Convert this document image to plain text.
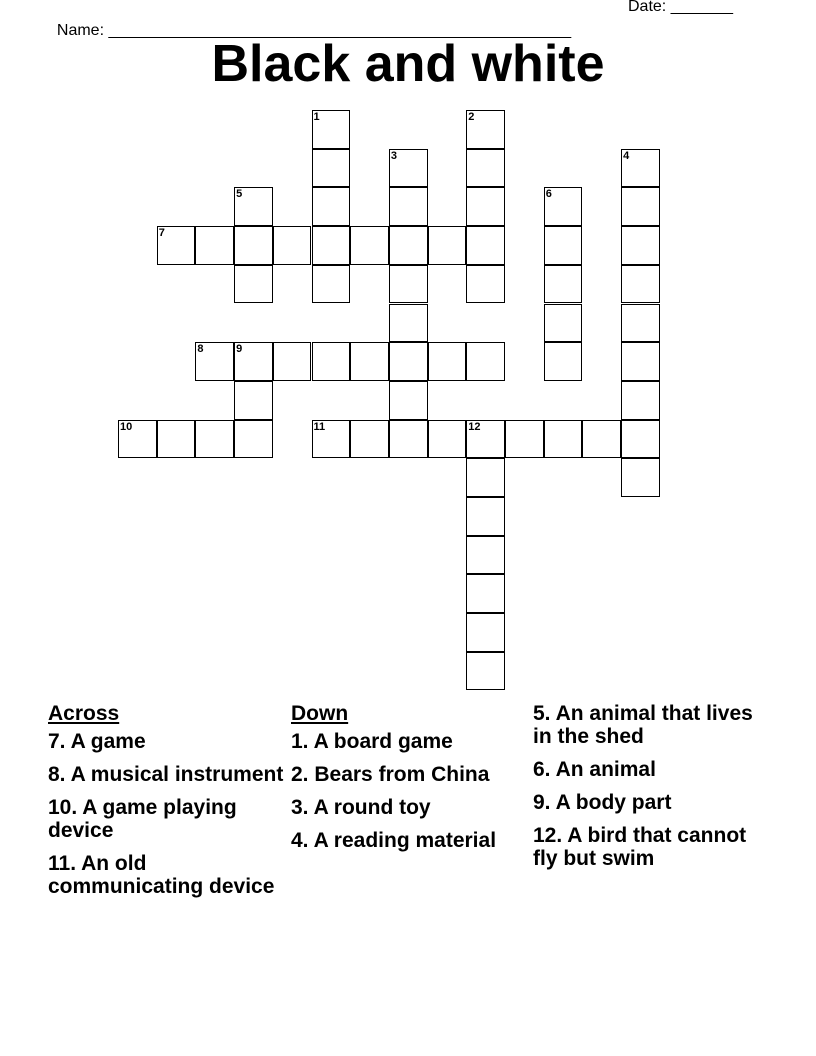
Name: ____________________________________________________

Date: _______

Black and white
1	2
3	4
5	6
7
8	9
10	11	12
Across
7. A game
8. A musical instrument
10. A game playing device
11. An old communicating device
Down
1. A board game
2. Bears from China
3. A round toy
4. A reading material
5. An animal that lives in the shed
6. An animal
9. A body part
12. A bird that cannot fly but swim
